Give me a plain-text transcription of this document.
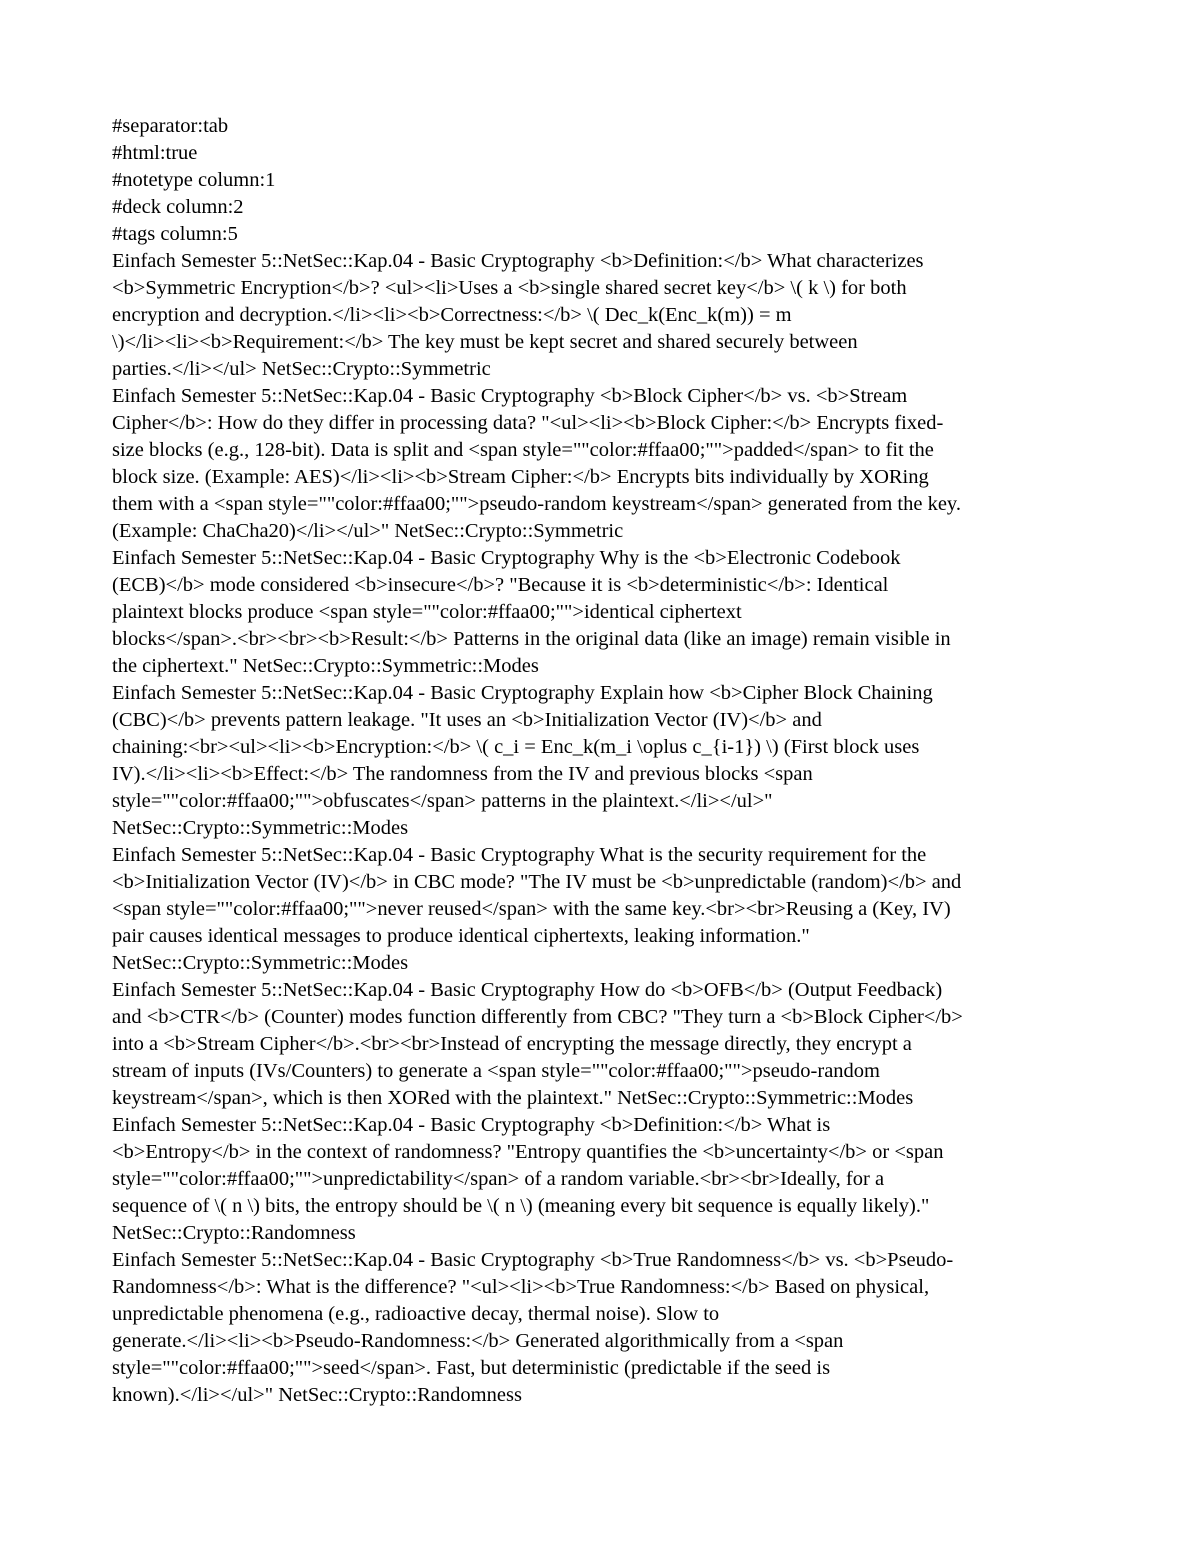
#separator:tab
#html:true
#notetype column:1
#deck column:2
#tags column:5
Einfach Semester 5::NetSec::Kap.04 - Basic Cryptography <b>Definition:</b> What characterizes
<b>Symmetric Encryption</b>? <ul><li>Uses a <b>single shared secret key</b> \( k \) for both
encryption and decryption.</li><li><b>Correctness:</b> \( Dec_k(Enc_k(m)) = m
\)</li><li><b>Requirement:</b> The key must be kept secret and shared securely between
parties.</li></ul> NetSec::Crypto::Symmetric
Einfach Semester 5::NetSec::Kap.04 - Basic Cryptography <b>Block Cipher</b> vs. <b>Stream
Cipher</b>: How do they differ in processing data? "<ul><li><b>Block Cipher:</b> Encrypts fixed-
size blocks (e.g., 128-bit). Data is split and <span style=""color:#ffaa00;"">padded</span> to fit the
block size. (Example: AES)</li><li><b>Stream Cipher:</b> Encrypts bits individually by XORing
them with a <span style=""color:#ffaa00;"">pseudo-random keystream</span> generated from the key.
(Example: ChaCha20)</li></ul>" NetSec::Crypto::Symmetric
Einfach Semester 5::NetSec::Kap.04 - Basic Cryptography Why is the <b>Electronic Codebook
(ECB)</b> mode considered <b>insecure</b>? "Because it is <b>deterministic</b>: Identical
plaintext blocks produce <span style=""color:#ffaa00;"">identical ciphertext
blocks</span>.<br><br><b>Result:</b> Patterns in the original data (like an image) remain visible in
the ciphertext." NetSec::Crypto::Symmetric::Modes
Einfach Semester 5::NetSec::Kap.04 - Basic Cryptography Explain how <b>Cipher Block Chaining
(CBC)</b> prevents pattern leakage. "It uses an <b>Initialization Vector (IV)</b> and
chaining:<br><ul><li><b>Encryption:</b> \( c_i = Enc_k(m_i \oplus c_{i-1}) \) (First block uses
IV).</li><li><b>Effect:</b> The randomness from the IV and previous blocks <span
style=""color:#ffaa00;"">obfuscates</span> patterns in the plaintext.</li></ul>"
NetSec::Crypto::Symmetric::Modes
Einfach Semester 5::NetSec::Kap.04 - Basic Cryptography What is the security requirement for the
<b>Initialization Vector (IV)</b> in CBC mode? "The IV must be <b>unpredictable (random)</b> and
<span style=""color:#ffaa00;"">never reused</span> with the same key.<br><br>Reusing a (Key, IV)
pair causes identical messages to produce identical ciphertexts, leaking information."
NetSec::Crypto::Symmetric::Modes
Einfach Semester 5::NetSec::Kap.04 - Basic Cryptography How do <b>OFB</b> (Output Feedback)
and <b>CTR</b> (Counter) modes function differently from CBC? "They turn a <b>Block Cipher</b>
into a <b>Stream Cipher</b>.<br><br>Instead of encrypting the message directly, they encrypt a
stream of inputs (IVs/Counters) to generate a <span style=""color:#ffaa00;"">pseudo-random
keystream</span>, which is then XORed with the plaintext." NetSec::Crypto::Symmetric::Modes
Einfach Semester 5::NetSec::Kap.04 - Basic Cryptography <b>Definition:</b> What is
<b>Entropy</b> in the context of randomness? "Entropy quantifies the <b>uncertainty</b> or <span
style=""color:#ffaa00;"">unpredictability</span> of a random variable.<br><br>Ideally, for a
sequence of \( n \) bits, the entropy should be \( n \) (meaning every bit sequence is equally likely)."
NetSec::Crypto::Randomness
Einfach Semester 5::NetSec::Kap.04 - Basic Cryptography <b>True Randomness</b> vs. <b>Pseudo-
Randomness</b>: What is the difference? "<ul><li><b>True Randomness:</b> Based on physical,
unpredictable phenomena (e.g., radioactive decay, thermal noise). Slow to
generate.</li><li><b>Pseudo-Randomness:</b> Generated algorithmically from a <span
style=""color:#ffaa00;"">seed</span>. Fast, but deterministic (predictable if the seed is
known).</li></ul>" NetSec::Crypto::Randomness
